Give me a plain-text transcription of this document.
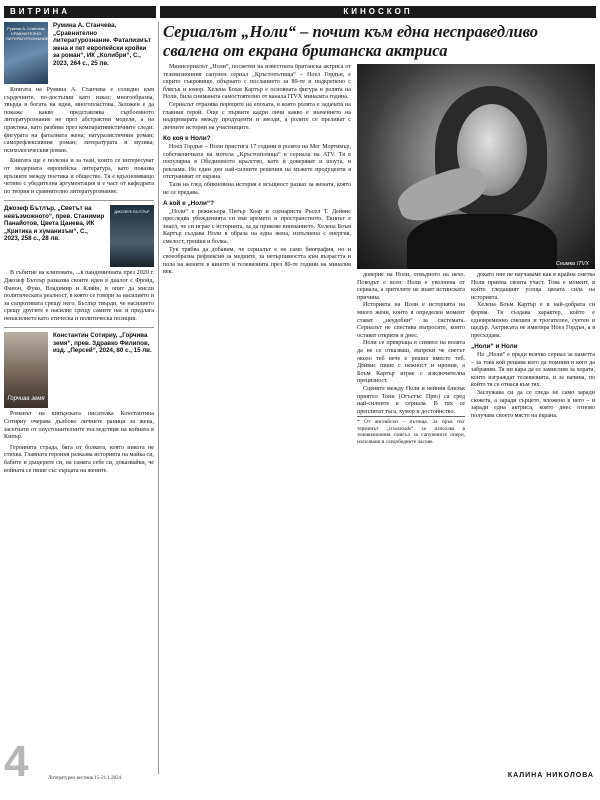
ВИТРИНА	КИНОСКОП
Румина А. Станчева СРАВНИТЕЛНО ЛИТЕРАТУРОЗНАНИЕ
Румина А. Станчева, „Сравнително литературознание. Фатализмът жена и пет европейски кройки за роман“, ИК „Колибри“, С., 2023, 264 с., 25 лв.

Книгата на Румина А. Станчева е солидно към сърдечните, по-достъпни като изказ; многообразна, твърда в богата на идеи, многопластова. Заложен е да покаже какво представлява сърбоемното литературознание не през абстрактни модели, а на практика, като разбива през компаративистичните следи: фигурата на фаталната жена; натуралистичния роман; саморефлексивния роман; литературата и музика; психологическия роман.

Книгата ще е полезна и за тази, които се интересуват от модерната европейска литература, като показва връзките между поетика и общество. Тя е вдъхновяващо четиво с убедителна аргументация и е част от кафедрата по теория и сравнително литературознание.

Джозеф Бътлър, „Светът на невъзможното“, прев. Станимир Панайотов, Цвета Цанева, ИК „Критика и хуманизъм“, С., 2023, 258 с., 28 лв.
ДЖОЗЕФ БЪТЛЪР

В събитие на клиповата, ...в пандемичната през 2020 г. Джозеф Бътлър разказва своите идеи в диалог с Фройд, Фанон, Фуко, Владимир и Кляйн, в опит да мисли политическата реалност, в която се говори за насилието и за съпротивата срещу него. Бътлър твърди, че насилието срещу другите е насилие срещу самите нас и предлага ненасилието като етическа и политическа позиция.

Горчива земя
Константин Сотириу, „Горчива земя“, прев. Здравко Филипов, изд. „Персей“, 2024, 80 с., 15 лв.

Романът на кипърската писателка Константина Сотириу очерава дълбоко личните раници за жена, засегнати от опустошителните последствия на войната в Кипър.

Героинята страда, бяга от болката, която никога не стихва. Главната героиня разказва историята на майка си, бабите и дъщерите си, на самата себе си, доказвайки, че войната се пише със сърцата на жените.

4	Литературен вестник 15-21.1.2024
Сериалът „Ноли“ – почит към една несправедливо свалена от екрана британска актриса
Снимка ITVX

Минисериалът „Ноли“, посветен на известната британска актриса от телевизионния сапунен сериал „Кръстопътища“ – Ноел Гордън, е скрито съкровище, обърнато с посланието за 80-те и подкрепено с блясък и юмор. Хелена Боъм Картър е основната фигура в ролята на Ноли, била сниманата самостоятелно от канала ITVX миналата година.

Сериалът отразява пороците на епохата, в която ролята е задачата на главния герой. Още с първите кадри личи какво е значението на надпреварата между продуценти и звезди, а ролите се преливат с личните истории на участниците.

Ко коя е Ноли?

Ноел Гордън – Ноли пристига 17 години в ролята на Мег Мортимър, собственичката на мотела „Кръстопътища“ в сериала на ATV. Тя е популярна в Обединеното кралство, като ѝ доверяват и шоута, и реклами. Но един ден най-силните решения на мъжете продуценти я отстраняват от екрана.

Тази на глед обикновена история е всъщност разказ за жената, която не се предава.

А кой е „Ноли“?

„Ноли“ е режисьора Питър Хоар и сценариста Ръсел Т. Дейвис преследва убежденията си във времето и пространството. Екипът е знаел, че си играе с историята, за да прикове вниманието. Хелена Боъм Картър създава Ноли в образа на една жена, изпълнена с енергия, смелост, грешки и болка.

Тук трябва да добавим, че сериалът е не само биография, но и своеобразна рефлексия за медиите, за нетърпимостта към възрастта и пола на жените в киното и телевизията през 80-те години на миналия век.	доверие на Ноли, отвъдното на нехо. Поводът е ясен: Ноли е уволнена от сериала, а зрителите не знаят истинската причина.

Историята на Ноли е историята на много жени, които в определен момент стават „неудобни“ за системата. Сериалът не спестява въпросите, които остават открити и днес.

Ноли се превръща в символ на волята да не се отказваш, въпреки че светът около теб вече е решил вместо теб. Дейвис пише с нежност и ирония, а Боъм Картър играе с изключителна прецизност.

Сцените между Ноли и нейния близък приятел Тони (Огъстъс Прю) са сред най-силните в сериала. В тях се преплитат тъга, хумор и достойнство.

* От английски – пътища. За пръв път терминът „crossroads“ се използва в телевизионния смисъл за сапунените опери, излъчвани в следобедните часове.

докато ние не научаваме как в крайна сметка Ноли приема своята участ. Това е момент, в който гледащият усеща цялата сила на историята.

Хелена Боъм Картър е в най-добрата си форма. Тя създава характер, който е едновременно смешен и трогателен, суетен и щедър. Актрисата не имитира Ноел Гордън, а я пресъздава.

„Ноли“ и Ноли

Но „Ноли“ е преди всичко сериал за паметта – за това кой решава кого да помним и кого да забравим. Тя ни кара да се замислим за хората, които изграждат телевизията, и за начина, по който тя се отнася към тях.

Заслужава си да се гледа не само заради сюжета, а заради сърцето, вложено в него – и заради една актриса, която днес отново получава своето място на екрана.

КАЛИНА НИКОЛОВА
